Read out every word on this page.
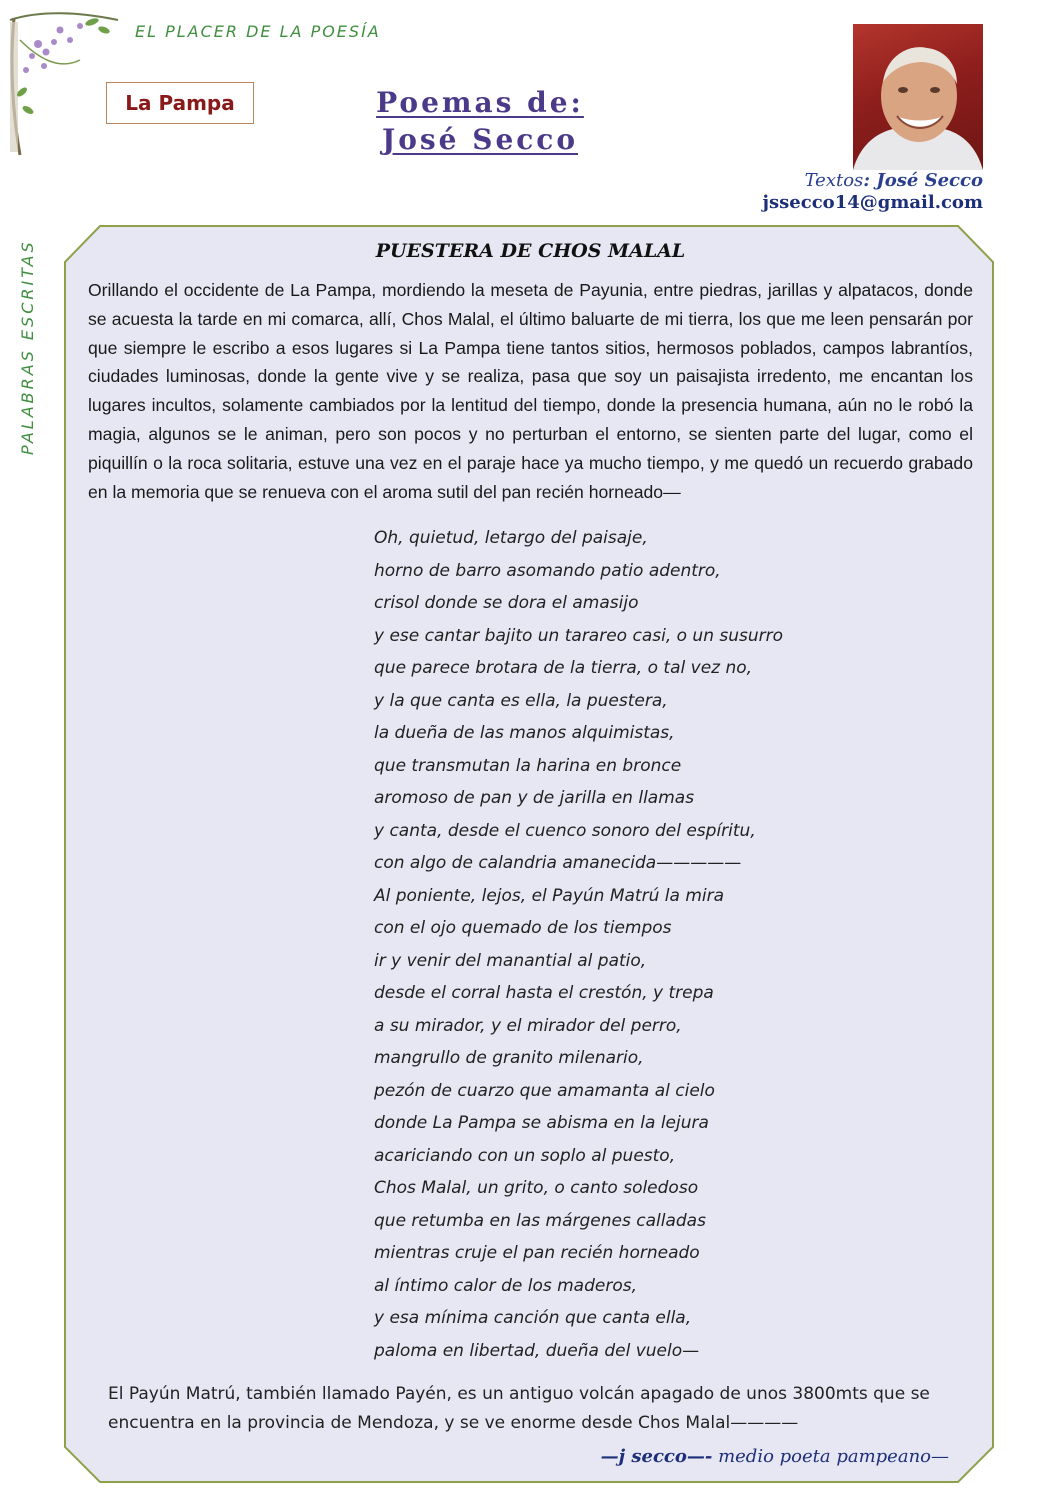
EL PLACER DE LA POESÍA
PALABRAS ESCRITAS
La Pampa	Poemas de:
José Secco
Textos: José Secco
jssecco14@gmail.com
PUESTERA DE CHOS MALAL

Orillando el occidente de La Pampa, mordiendo la meseta de Payunia, entre piedras, jarillas y alpatacos, donde se acuesta la tarde en mi comarca, allí, Chos Malal, el último baluarte de mi tierra, los que me leen pensarán por que siempre le escribo a esos lugares si La Pampa tiene tantos sitios, hermosos poblados, campos labrantíos, ciudades luminosas, donde la gente vive y se realiza, pasa que soy un paisajista irredento, me encantan los lugares incultos, solamente cambiados por la lentitud del tiempo, donde la presencia humana, aún no le robó la magia, algunos se le animan, pero son pocos y no perturban el entorno, se sienten parte del lugar, como el piquillín o la roca solitaria, estuve una vez en el paraje hace ya mucho tiempo, y me quedó un recuerdo grabado en la memoria que se renueva con el aroma sutil del pan recién horneado—

Oh, quietud, letargo del paisaje,
horno de barro asomando patio adentro,
crisol donde se dora el amasijo
y ese cantar bajito un tarareo casi, o un susurro
que parece brotara de la tierra, o tal vez no,
y la que canta es ella, la puestera,
la dueña de las manos alquimistas,
que transmutan la harina en bronce
aromoso de pan y de jarilla en llamas
y canta, desde el cuenco sonoro del espíritu,
con algo de calandria amanecida—————
Al poniente, lejos, el Payún Matrú la mira
con el ojo quemado de los tiempos
ir y venir del manantial al patio,
desde el corral hasta el crestón, y trepa
a su mirador, y el mirador del perro,
mangrullo de granito milenario,
pezón de cuarzo que amamanta al cielo
donde La Pampa se abisma en la lejura
acariciando con un soplo al puesto,
Chos Malal, un grito, o canto soledoso
que retumba en las márgenes calladas
mientras cruje el pan recién horneado
al íntimo calor de los maderos,
y esa mínima canción que canta ella,
paloma en libertad, dueña del vuelo—

El Payún Matrú, también llamado Payén, es un antiguo volcán apagado de unos 3800mts que se encuentra en la provincia de Mendoza, y se ve enorme desde Chos Malal————

—j secco—- medio poeta pampeano—
